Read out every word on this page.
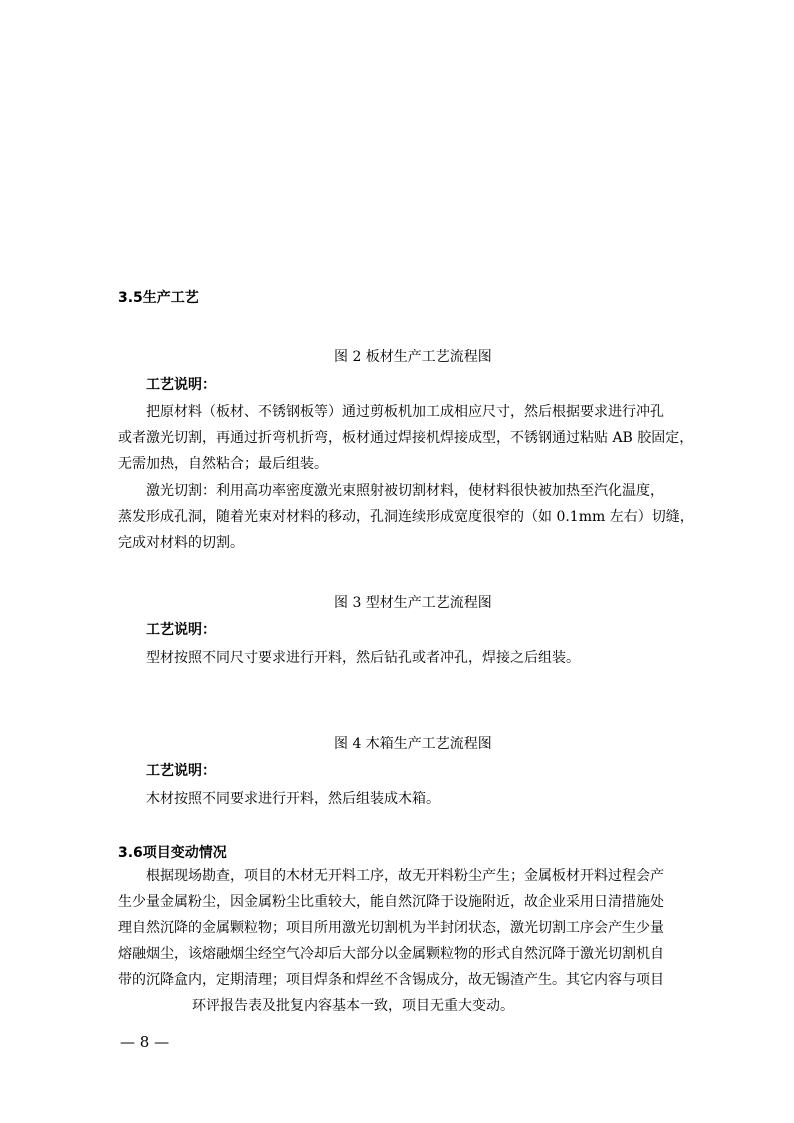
3.5生产工艺
图 2 板材生产工艺流程图
工艺说明：
把原材料（板材、不锈钢板等）通过剪板机加工成相应尺寸，然后根据要求进行冲孔
或者激光切割，再通过折弯机折弯，板材通过焊接机焊接成型，不锈钢通过粘贴 AB 胶固定，
无需加热，自然粘合；最后组装。
激光切割：利用高功率密度激光束照射被切割材料，使材料很快被加热至汽化温度，
蒸发形成孔洞，随着光束对材料的移动，孔洞连续形成宽度很窄的（如 0.1mm 左右）切缝，
完成对材料的切割。
图 3 型材生产工艺流程图
工艺说明：
型材按照不同尺寸要求进行开料，然后钻孔或者冲孔，焊接之后组装。
图 4 木箱生产工艺流程图
工艺说明：
木材按照不同要求进行开料，然后组装成木箱。
3.6项目变动情况
根据现场勘查，项目的木材无开料工序，故无开料粉尘产生；金属板材开料过程会产
生少量金属粉尘，因金属粉尘比重较大，能自然沉降于设施附近，故企业采用日清措施处
理自然沉降的金属颗粒物；项目所用激光切割机为半封闭状态，激光切割工序会产生少量
熔融烟尘，该熔融烟尘经空气冷却后大部分以金属颗粒物的形式自然沉降于激光切割机自
带的沉降盒内，定期清理；项目焊条和焊丝不含锡成分，故无锡渣产生。其它内容与项目
环评报告表及批复内容基本一致，项目无重大变动。
— 8 —
